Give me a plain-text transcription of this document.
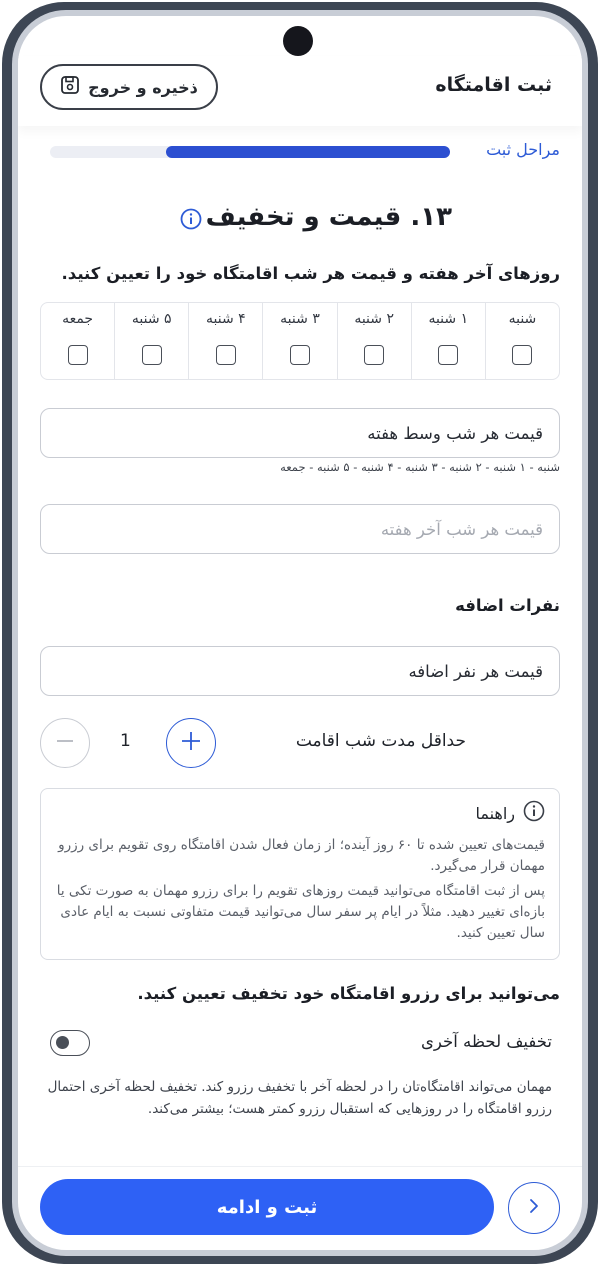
ثبت اقامتگاه
ذخیره و خروج
مراحل ثبت
۱۳. قیمت و تخفیف
روزهای آخر هفته و قیمت هر شب اقامتگاه خود را تعیین کنید.
شنبه
۱ شنبه
۲ شنبه
۳ شنبه
۴ شنبه
۵ شنبه
جمعه
قیمت هر شب وسط هفته
شنبه - ۱ شنبه - ۲ شنبه - ۳ شنبه - ۴ شنبه - ۵ شنبه - جمعه
قیمت هر شب آخر هفته
نفرات اضافه
قیمت هر نفر اضافه
حداقل مدت شب اقامت
1
راهنما

قیمت‌های تعیین شده تا ۶۰ روز آینده؛ از زمان فعال شدن اقامتگاه روی تقویم برای رزرو مهمان قرار می‌گیرد.

پس از ثبت اقامتگاه می‌توانید قیمت روزهای تقویم را برای رزرو مهمان به صورت تکی یا بازه‌ای تغییر دهید. مثلاً در ایام پر سفر سال می‌توانید قیمت متفاوتی نسبت به ایام عادی سال تعیین کنید.

می‌توانید برای رزرو اقامتگاه خود تخفیف تعیین کنید.
تخفیف لحظه آخری
مهمان می‌تواند اقامتگاه‌تان را در لحظه آخر با تخفیف رزرو کند. تخفیف لحظه آخری احتمال رزرو اقامتگاه را در روزهایی که استقبال رزرو کمتر هست؛ بیشتر می‌کند.
ثبت و ادامه
